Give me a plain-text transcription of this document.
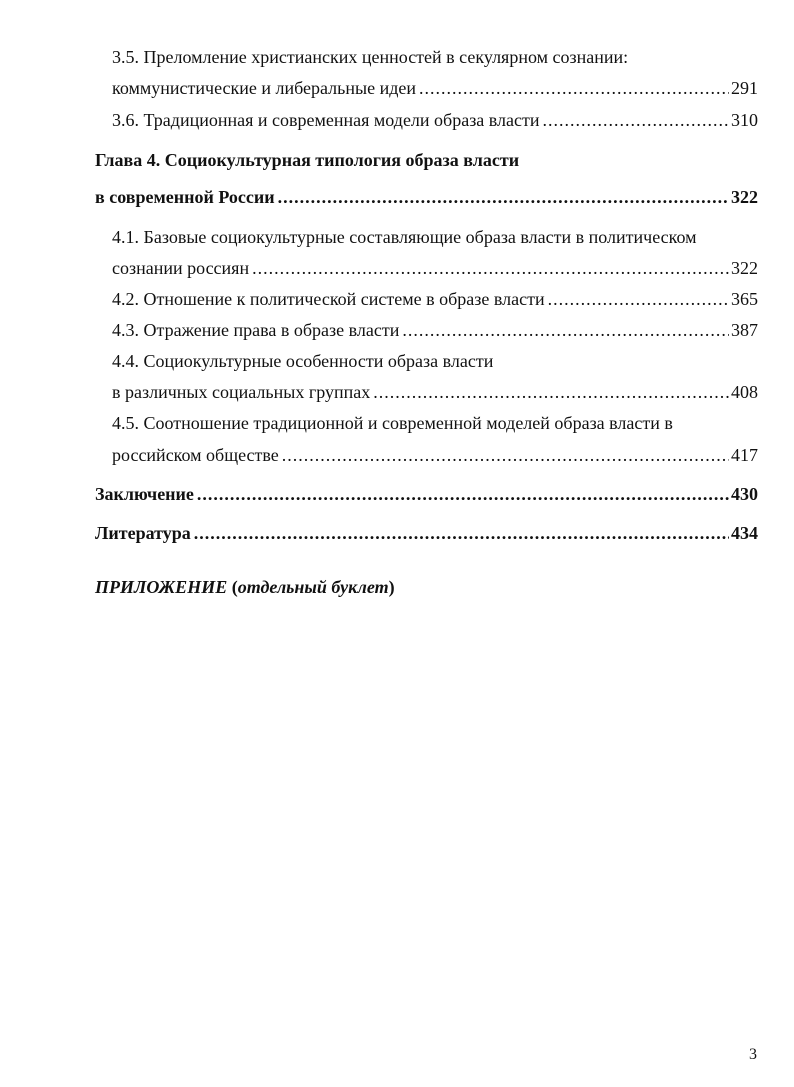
3.5. Преломление христианских ценностей в секулярном сознании:
коммунистические и либеральные идеи .....	291
3.6. Традиционная и современная модели образа власти .....	310
Глава 4. Социокультурная типология образа власти
в современной России .....	322
4.1. Базовые социокультурные составляющие образа власти в политическом
сознании россиян .....	322
4.2. Отношение к политической системе в образе власти .....	365
4.3. Отражение права в образе власти .....	387
4.4. Социокультурные особенности образа власти
в различных социальных группах .....	408
4.5. Соотношение традиционной и современной моделей образа власти в
российском обществе .....	417
Заключение .....	430
Литература .....	434
ПРИЛОЖЕНИЕ (отдельный буклет)
3
